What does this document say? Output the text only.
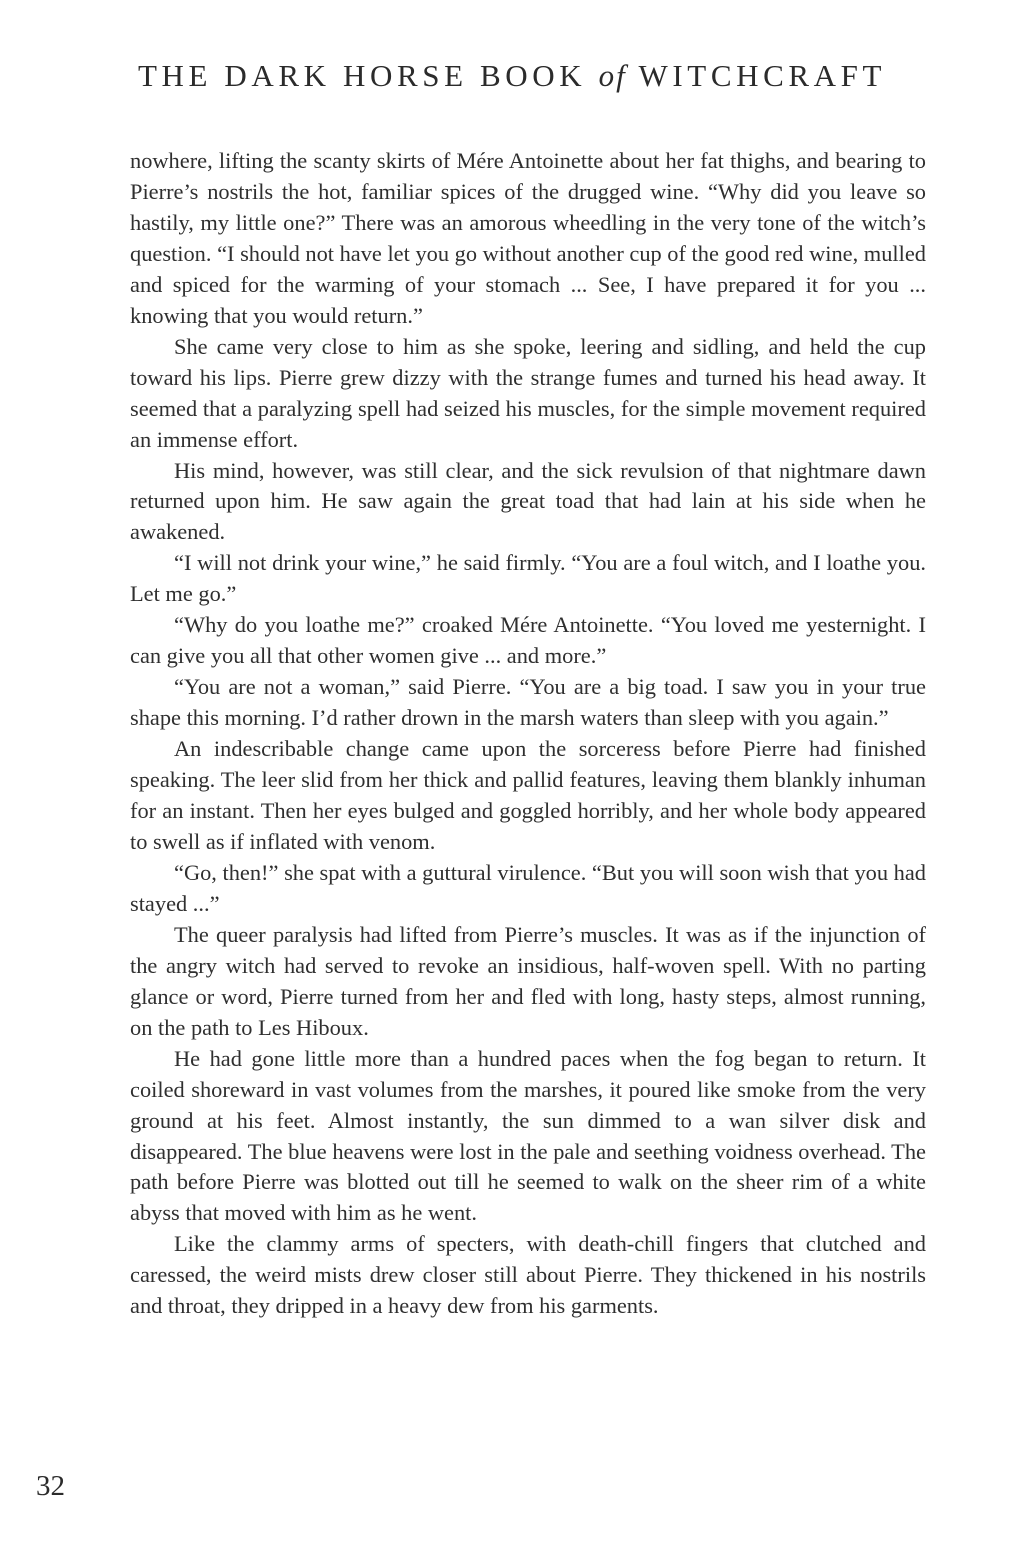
THE DARK HORSE BOOK of WITCHCRAFT

nowhere, lifting the scanty skirts of Mére Antoinette about her fat thighs, and bearing to Pierre’s nostrils the hot, familiar spices of the drugged wine. “Why did you leave so hastily, my little one?” There was an amorous wheedling in the very tone of the witch’s question. “I should not have let you go without another cup of the good red wine, mulled and spiced for the warming of your stomach ... See, I have prepared it for you ... knowing that you would return.”

She came very close to him as she spoke, leering and sidling, and held the cup toward his lips. Pierre grew dizzy with the strange fumes and turned his head away. It seemed that a paralyzing spell had seized his muscles, for the simple movement required an immense effort.

His mind, however, was still clear, and the sick revulsion of that nightmare dawn returned upon him. He saw again the great toad that had lain at his side when he awakened.

“I will not drink your wine,” he said firmly. “You are a foul witch, and I loathe you. Let me go.”

“Why do you loathe me?” croaked Mére Antoinette. “You loved me yesternight. I can give you all that other women give ... and more.”

“You are not a woman,” said Pierre. “You are a big toad. I saw you in your true shape this morning. I’d rather drown in the marsh waters than sleep with you again.”

An indescribable change came upon the sorceress before Pierre had finished speaking. The leer slid from her thick and pallid features, leaving them blankly inhuman for an instant. Then her eyes bulged and goggled horribly, and her whole body appeared to swell as if inflated with venom.

“Go, then!” she spat with a guttural virulence. “But you will soon wish that you had stayed ...”

The queer paralysis had lifted from Pierre’s muscles. It was as if the injunction of the angry witch had served to revoke an insidious, half-woven spell. With no parting glance or word, Pierre turned from her and fled with long, hasty steps, almost running, on the path to Les Hiboux.

He had gone little more than a hundred paces when the fog began to return. It coiled shoreward in vast volumes from the marshes, it poured like smoke from the very ground at his feet. Almost instantly, the sun dimmed to a wan silver disk and disappeared. The blue heavens were lost in the pale and seething voidness overhead. The path before Pierre was blotted out till he seemed to walk on the sheer rim of a white abyss that moved with him as he went.

Like the clammy arms of specters, with death-chill fingers that clutched and caressed, the weird mists drew closer still about Pierre. They thickened in his nostrils and throat, they dripped in a heavy dew from his garments.

32
